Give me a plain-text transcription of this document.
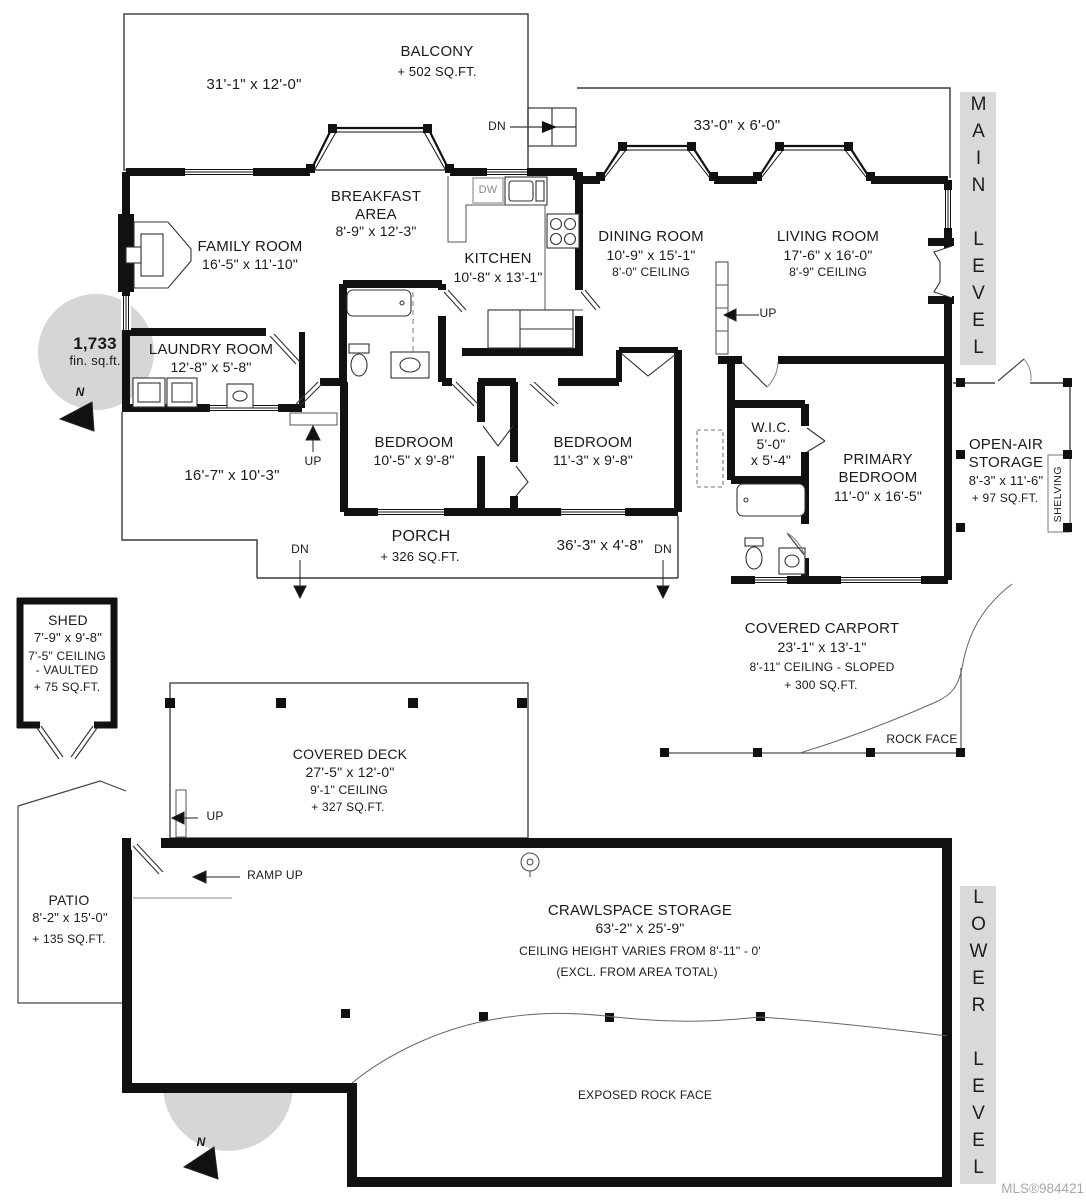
MAIN LEVEL
LOWER LEVEL
31'-1" x 12'-0"
BALCONY
+ 502 SQ.FT.
DN	33'-0" x 6'-0"
FAMILY ROOM
16'-5" x 11'-10"
BREAKFAST
AREA
8'-9" x 12'-3"
KITCHEN
10'-8" x 13'-1"
DW
DINING ROOM
10'-9" x 15'-1"
8'-0" CEILING
LIVING ROOM
17'-6" x 16'-0"
8'-9" CEILING
UP
1,733
fin. sq.ft.
N
LAUNDRY ROOM
12'-8" x 5'-8"
16'-7" x 10'-3"
UP
BEDROOM
10'-5" x 9'-8"
BEDROOM
11'-3" x 9'-8"
W.I.C.
5'-0"
x 5'-4"	PRIMARY
BEDROOM
11'-0" x 16'-5"
OPEN-AIR
STORAGE
8'-3" x 11'-6"
+ 97 SQ.FT. SHELVING
PORCH
+ 326 SQ.FT.
36'-3" x 4'-8"
DN	DN
COVERED CARPORT
23'-1" x 13'-1"
8'-11" CEILING - SLOPED
+ 300 SQ.FT.
ROCK FACE
SHED
7'-9" x 9'-8"
7'-5" CEILING
- VAULTED
+ 75 SQ.FT.
COVERED DECK
27'-5" x 12'-0"
9'-1" CEILING
+ 327 SQ.FT.
UP
RAMP UP
PATIO
8'-2" x 15'-0"
+ 135 SQ.FT.
CRAWLSPACE STORAGE
63'-2" x 25'-9"
CEILING HEIGHT VARIES FROM 8'-11" - 0'
(EXCL. FROM AREA TOTAL)
EXPOSED ROCK FACE
N
MLS®984421
